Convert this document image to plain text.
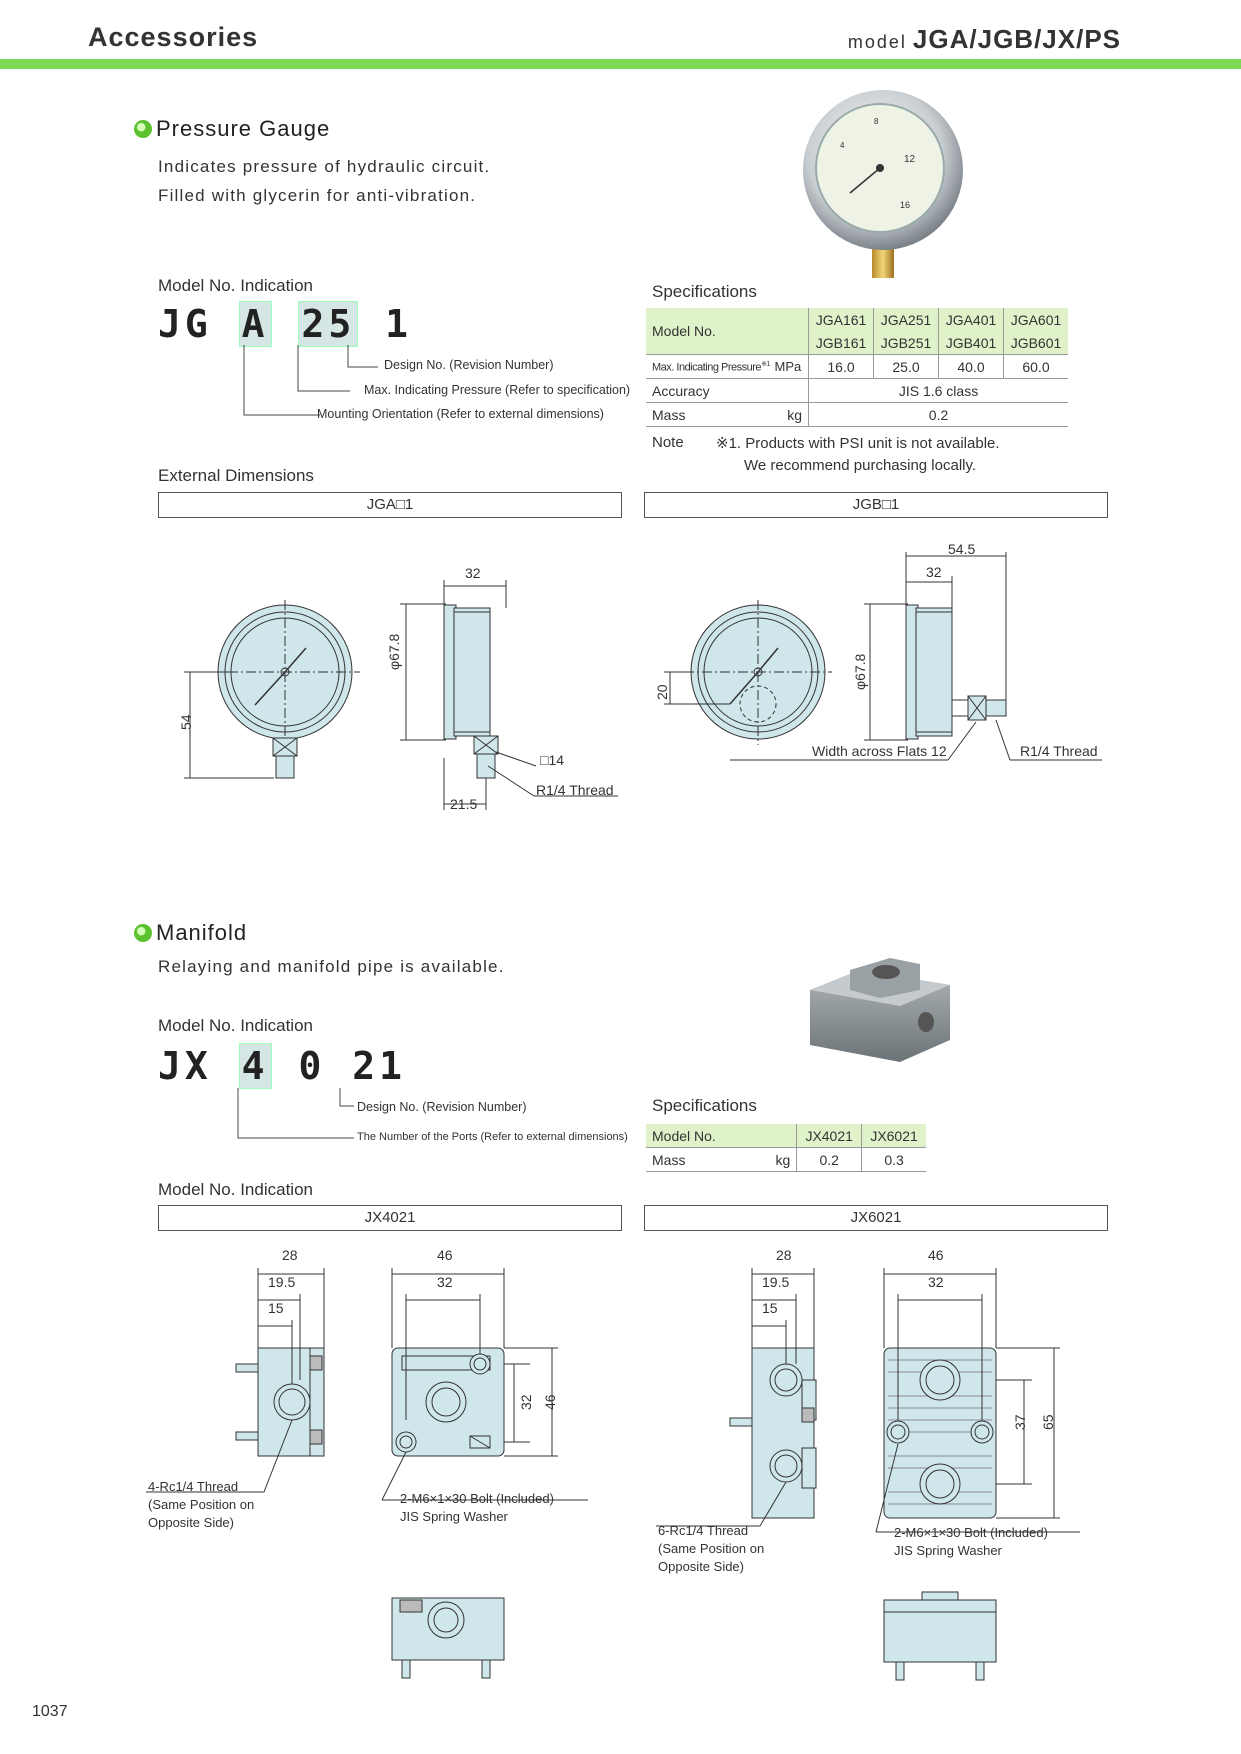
Accessories	model JGA/JGB/JX/PS
Pressure Gauge
Indicates pressure of hydraulic circuit.
Filled with glycerin for anti-vibration.
12
8
4
16
Model No. Indication
JG A 25 1
Design No. (Revision Number)
Max. Indicating Pressure (Refer to specification)
Mounting Orientation (Refer to external dimensions)
Specifications
Model No.		JGA161	JGA251	JGA401	JGA601
		JGB161	JGB251	JGB401	JGB601
Max. Indicating Pressure$^{※1}$	MPa	16.0	25.0	40.0	60.0
Accuracy		JIS 1.6 class			
Mass	kg	0.2			
Note ※1. Products with PSI unit is not available.
We recommend purchasing locally.
External Dimensions
JGA□1	JGB□1
32
φ67.8
54
□14
R1/4 Thread
21.5
54.5
32
φ67.8
20
Width across Flats 12	R1/4 Thread
Manifold
Relaying and manifold pipe is available.
Model No. Indication
JX 4 0 21
Design No. (Revision Number)
The Number of the Ports (Refer to external dimensions)
Specifications
Model No.		JX4021	JX6021
Mass	kg	0.2	0.3
Model No. Indication
JX4021	JX6021
28
19.5
15
46
32
32 46
4-Rc1/4 Thread
(Same Position on
Opposite Side)
2-M6×1×30 Bolt (Included)
JIS Spring Washer
28
19.5
15
46
32
37 65
6-Rc1/4 Thread
(Same Position on
Opposite Side)
2-M6×1×30 Bolt (Included)
JIS Spring Washer
1037
